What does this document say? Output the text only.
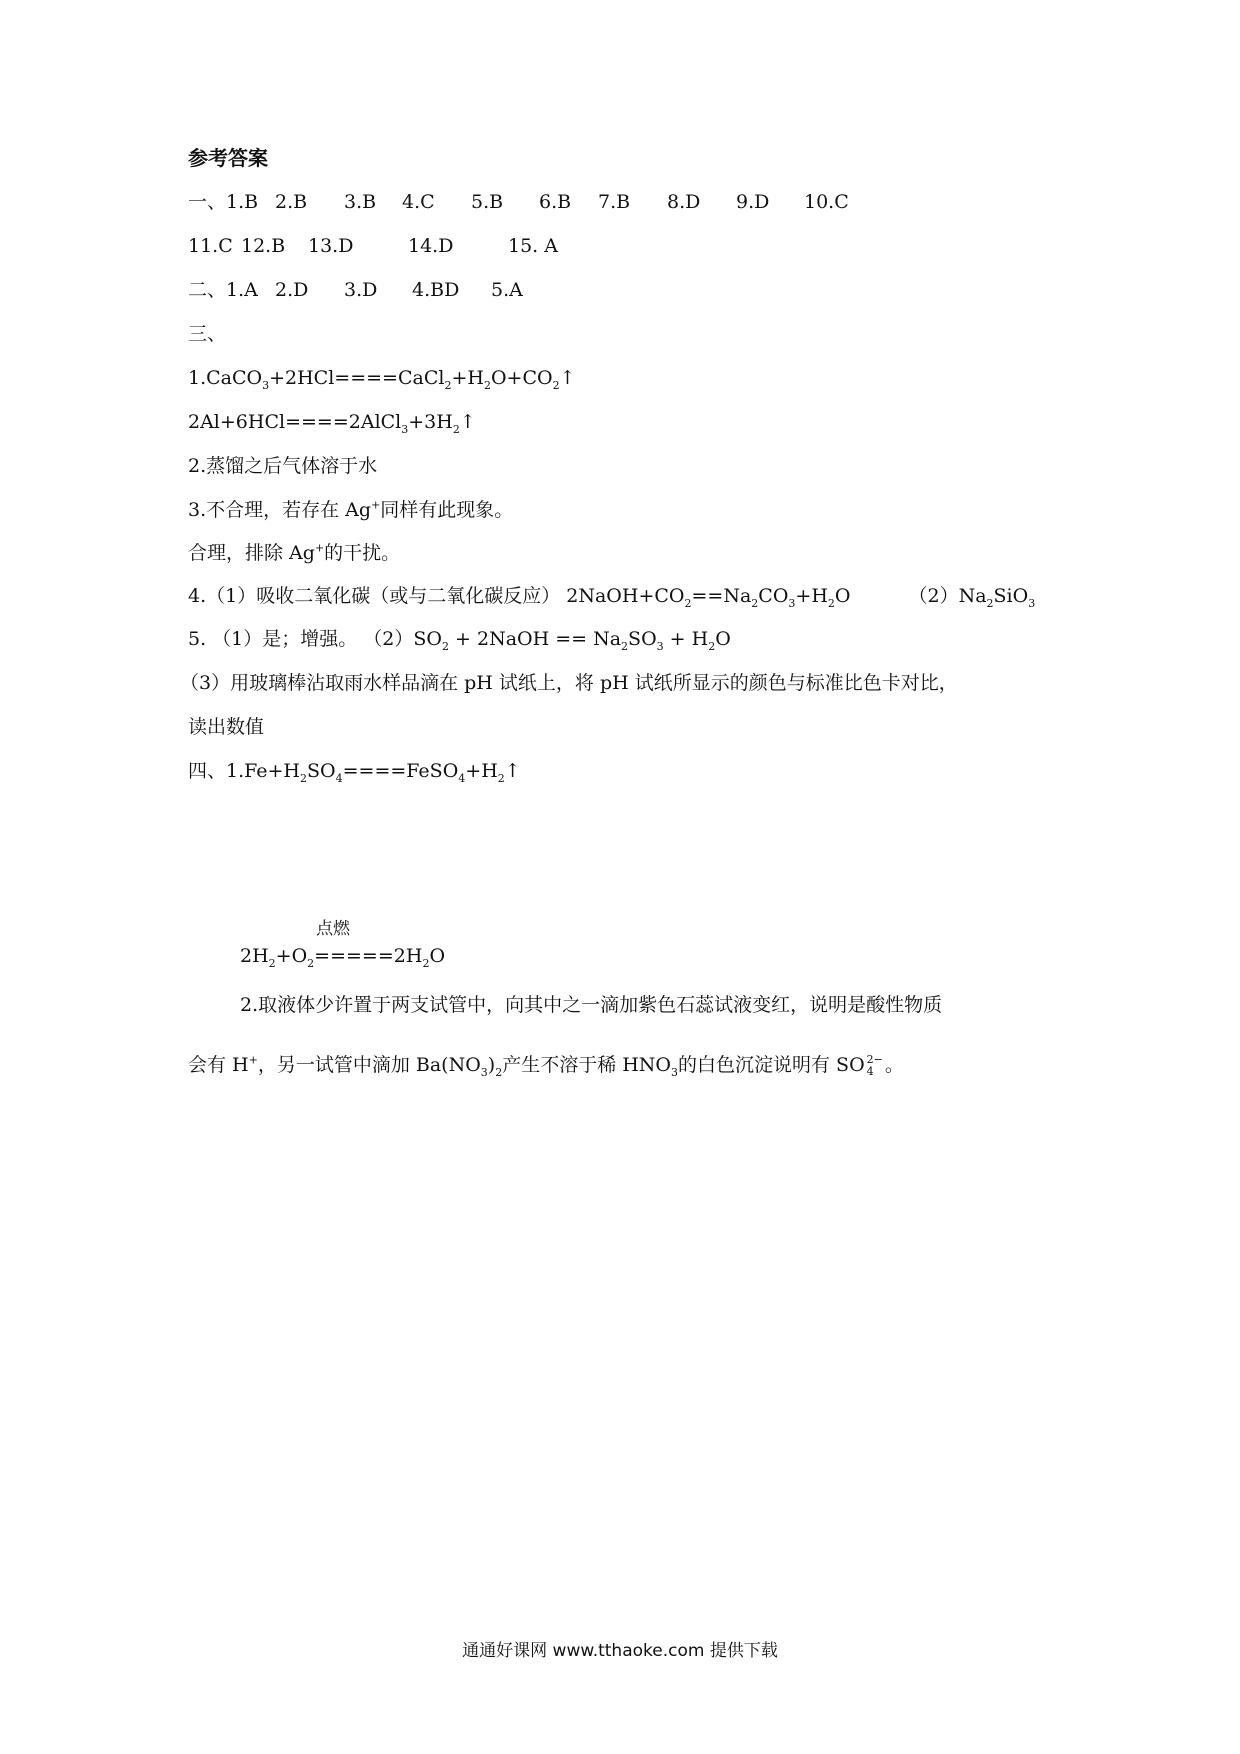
参考答案
一、1.B 2.B 3.B 4.C 5.B 6.B 7.B 8.D 9.D 10.C
11.C 12.B 13.D	14.D	15. A
二、1.A 2.D 3.D 4.BD 5.A
三、
$1.CaCO_3+2HCl====CaCl_2+H_2O+CO_2↑$
$2Al+6HCl====2AlCl_3+3H_2↑$
2.蒸馏之后气体溶于水
3.不合理，若存在 Ag+同样有此现象。
合理，排除 Ag+的干扰。
4.（1）吸收二氧化碳（或与二氧化碳反应） $2NaOH+CO_2==Na_2CO_3+H_2O$	$(2)Na_2SiO_3$
5. （1）是；增强。 $(2)SO_2$ + 2NaOH == $Na_2SO_3 + H_2O$
（3）用玻璃棒沾取雨水样品滴在 pH 试纸上，将 pH 试纸所显示的颜色与标准比色卡对比，
读出数值
四、$1.Fe+H_2SO_4====FeSO_4+H_2↑$
点燃
$2H_2+O_2=====2H_2O$
2.取液体少许置于两支试管中，向其中之一滴加紫色石蕊试液变红，说明是酸性物质
会有 H+，另一试管中滴加 $Ba(NO_3)_2$产生不溶于稀 $HNO_3$的白色沉淀说明有 SO 2−
4 。
通通好课网 www.tthaoke.com 提供下载
